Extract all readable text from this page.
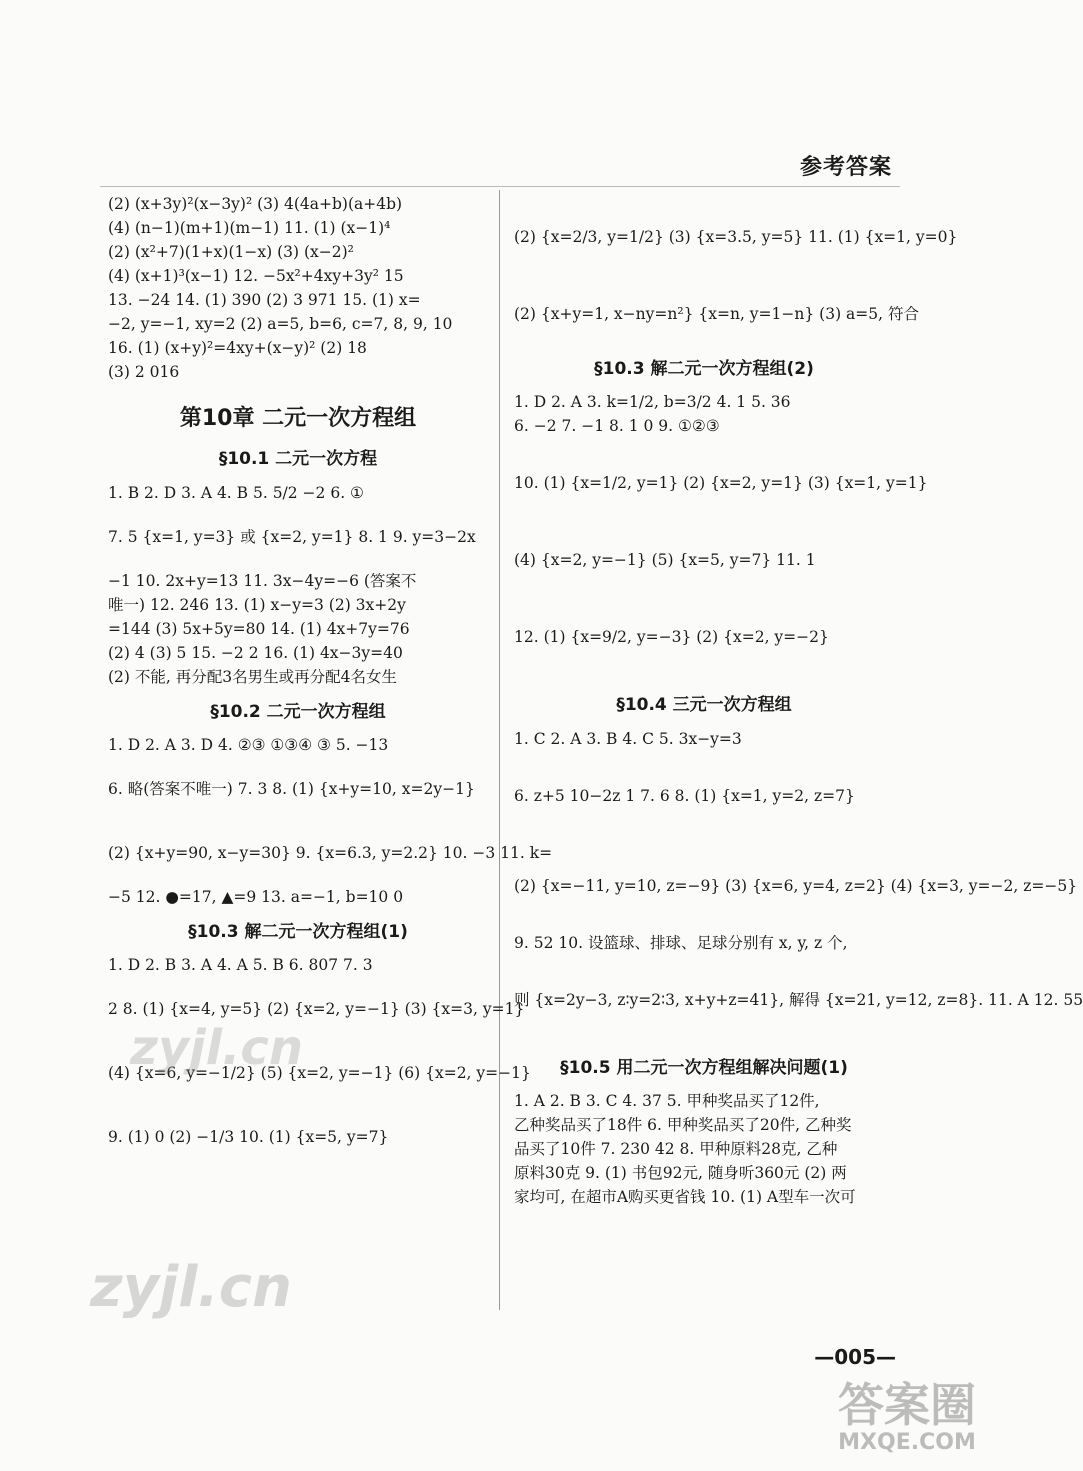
参考答案
(2) (x+3y)²(x−3y)² (3) 4(4a+b)(a+4b)
(4) (n−1)(m+1)(m−1) 11. (1) (x−1)⁴
(2) (x²+7)(1+x)(1−x) (3) (x−2)²
(4) (x+1)³(x−1) 12. −5x²+4xy+3y² 15
13. −24 14. (1) 390 (2) 3 971 15. (1) x=
−2, y=−1, xy=2 (2) a=5, b=6, c=7, 8, 9, 10
16. (1) (x+y)²=4xy+(x−y)² (2) 18
(3) 2 016
第10章 二元一次方程组
§10.1 二元一次方程
1. B 2. D 3. A 4. B 5. 5/2 −2 6. ①
7. 5 {x=1, y=3} 或 {x=2, y=1} 8. 1 9. y=3−2x
−1 10. 2x+y=13 11. 3x−4y=−6 (答案不
唯一) 12. 246 13. (1) x−y=3 (2) 3x+2y
=144 (3) 5x+5y=80 14. (1) 4x+7y=76
(2) 4 (3) 5 15. −2 2 16. (1) 4x−3y=40
(2) 不能, 再分配3名男生或再分配4名女生
§10.2 二元一次方程组
1. D 2. A 3. D 4. ②③ ①③④ ③ 5. −13
6. 略(答案不唯一) 7. 3 8. (1) {x+y=10, x=2y−1}
(2) {x+y=90, x−y=30} 9. {x=6.3, y=2.2} 10. −3 11. k=
−5 12. ●=17, ▲=9 13. a=−1, b=10 0
§10.3 解二元一次方程组(1)
1. D 2. B 3. A 4. A 5. B 6. 807 7. 3
2 8. (1) {x=4, y=5} (2) {x=2, y=−1} (3) {x=3, y=1}
(4) {x=6, y=−1/2} (5) {x=2, y=−1} (6) {x=2, y=−1}
9. (1) 0 (2) −1/3 10. (1) {x=5, y=7}
(2) {x=2/3, y=1/2} (3) {x=3.5, y=5} 11. (1) {x=1, y=0}
(2) {x+y=1, x−ny=n²} {x=n, y=1−n} (3) a=5, 符合
§10.3 解二元一次方程组(2)
1. D 2. A 3. k=1/2, b=3/2 4. 1 5. 36
6. −2 7. −1 8. 1 0 9. ①②③
10. (1) {x=1/2, y=1} (2) {x=2, y=1} (3) {x=1, y=1}
(4) {x=2, y=−1} (5) {x=5, y=7} 11. 1
12. (1) {x=9/2, y=−3} (2) {x=2, y=−2}
§10.4 三元一次方程组
1. C 2. A 3. B 4. C 5. 3x−y=3
6. z+5 10−2z 1 7. 6 8. (1) {x=1, y=2, z=7}
(2) {x=−11, y=10, z=−9} (3) {x=6, y=4, z=2} (4) {x=3, y=−2, z=−5}
9. 52 10. 设篮球、排球、足球分别有 x, y, z 个,
则 {x=2y−3, z∶y=2∶3, x+y+z=41}, 解得 {x=21, y=12, z=8}. 11. A 12. 55
§10.5 用二元一次方程组解决问题(1)
1. A 2. B 3. C 4. 37 5. 甲种奖品买了12件,
乙种奖品买了18件 6. 甲种奖品买了20件, 乙种奖
品买了10件 7. 230 42 8. 甲种原料28克, 乙种
原料30克 9. (1) 书包92元, 随身听360元 (2) 两
家均可, 在超市A购买更省钱 10. (1) A型车一次可
zyjl.cn
zyjl.cn
—005—
答案圈
MXQE.COM
